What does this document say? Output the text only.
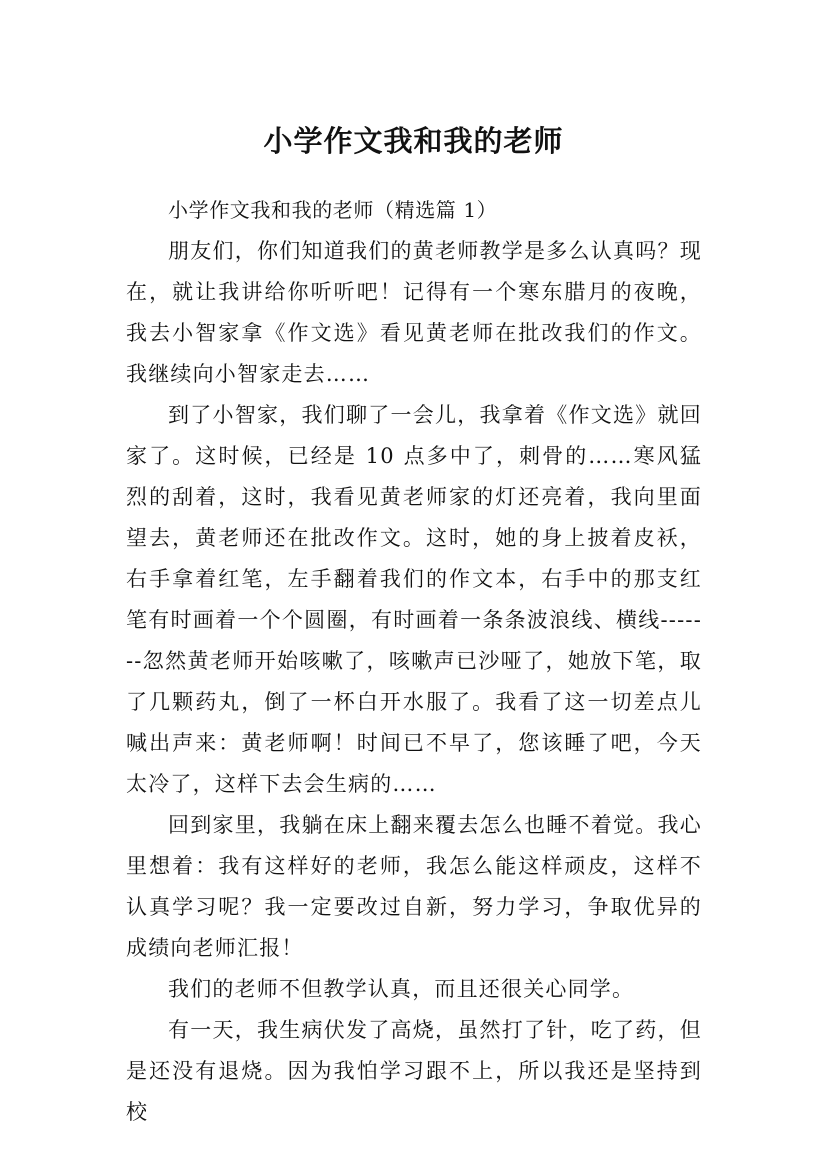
小学作文我和我的老师

小学作文我和我的老师（精选篇 1）

朋友们，你们知道我们的黄老师教学是多么认真吗？现在，就让我讲给你听听吧！记得有一个寒东腊月的夜晚，我去小智家拿《作文选》看见黄老师在批改我们的作文。我继续向小智家走去……

到了小智家，我们聊了一会儿，我拿着《作文选》就回家了。这时候，已经是 10 点多中了，刺骨的……寒风猛烈的刮着，这时，我看见黄老师家的灯还亮着，我向里面望去，黄老师还在批改作文。这时，她的身上披着皮袄，右手拿着红笔，左手翻着我们的作文本，右手中的那支红笔有时画着一个个圆圈，有时画着一条条波浪线、横线-------忽然黄老师开始咳嗽了，咳嗽声已沙哑了，她放下笔，取了几颗药丸，倒了一杯白开水服了。我看了这一切差点儿喊出声来：黄老师啊！时间已不早了，您该睡了吧，今天太冷了，这样下去会生病的……

回到家里，我躺在床上翻来覆去怎么也睡不着觉。我心里想着：我有这样好的老师，我怎么能这样顽皮，这样不认真学习呢？我一定要改过自新，努力学习，争取优异的成绩向老师汇报！

我们的老师不但教学认真，而且还很关心同学。

有一天，我生病伏发了高烧，虽然打了针，吃了药，但是还没有退烧。因为我怕学习跟不上，所以我还是坚持到校
